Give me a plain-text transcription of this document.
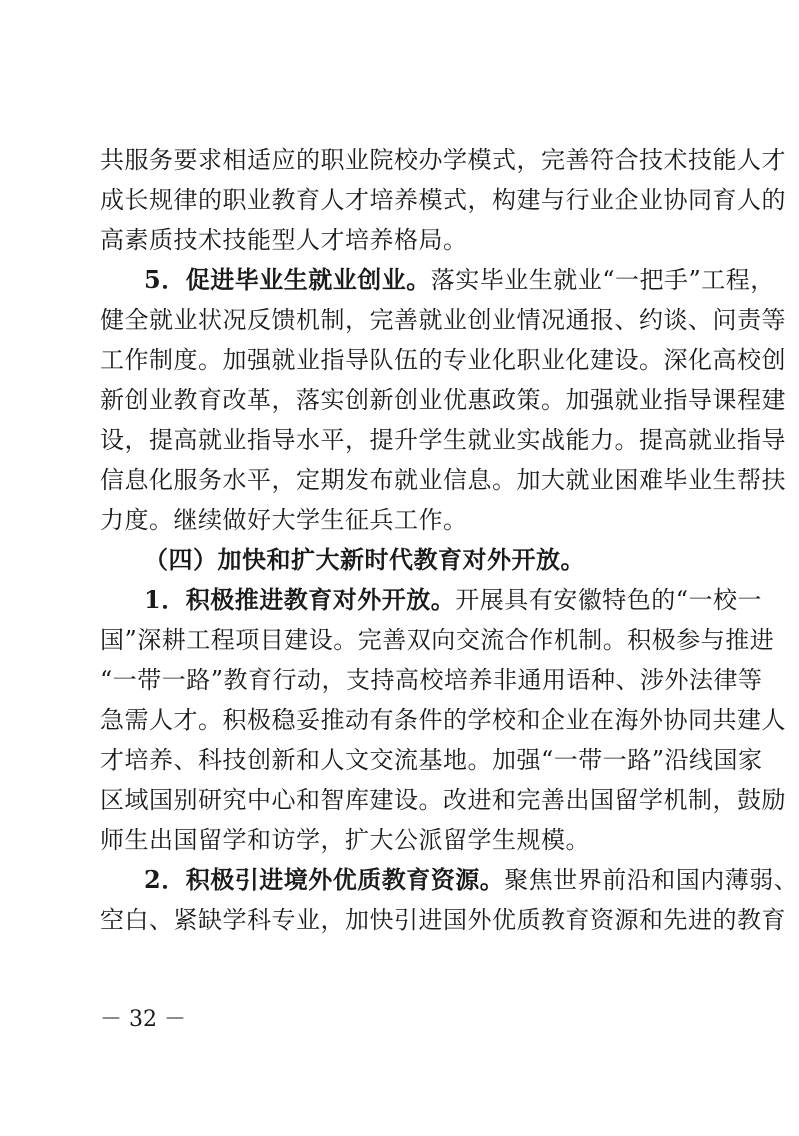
共服务要求相适应的职业院校办学模式，完善符合技术技能人才
成长规律的职业教育人才培养模式，构建与行业企业协同育人的
高素质技术技能型人才培养格局。
5．促进毕业生就业创业。落实毕业生就业“一把手”工程，
健全就业状况反馈机制，完善就业创业情况通报、约谈、问责等
工作制度。加强就业指导队伍的专业化职业化建设。深化高校创
新创业教育改革，落实创新创业优惠政策。加强就业指导课程建
设，提高就业指导水平，提升学生就业实战能力。提高就业指导
信息化服务水平，定期发布就业信息。加大就业困难毕业生帮扶
力度。继续做好大学生征兵工作。
（四）加快和扩大新时代教育对外开放。
1．积极推进教育对外开放。开展具有安徽特色的“一校一
国”深耕工程项目建设。完善双向交流合作机制。积极参与推进
“一带一路”教育行动，支持高校培养非通用语种、涉外法律等
急需人才。积极稳妥推动有条件的学校和企业在海外协同共建人
才培养、科技创新和人文交流基地。加强“一带一路”沿线国家
区域国别研究中心和智库建设。改进和完善出国留学机制，鼓励
师生出国留学和访学，扩大公派留学生规模。
2．积极引进境外优质教育资源。聚焦世界前沿和国内薄弱、
空白、紧缺学科专业，加快引进国外优质教育资源和先进的教育
－ 32 －
